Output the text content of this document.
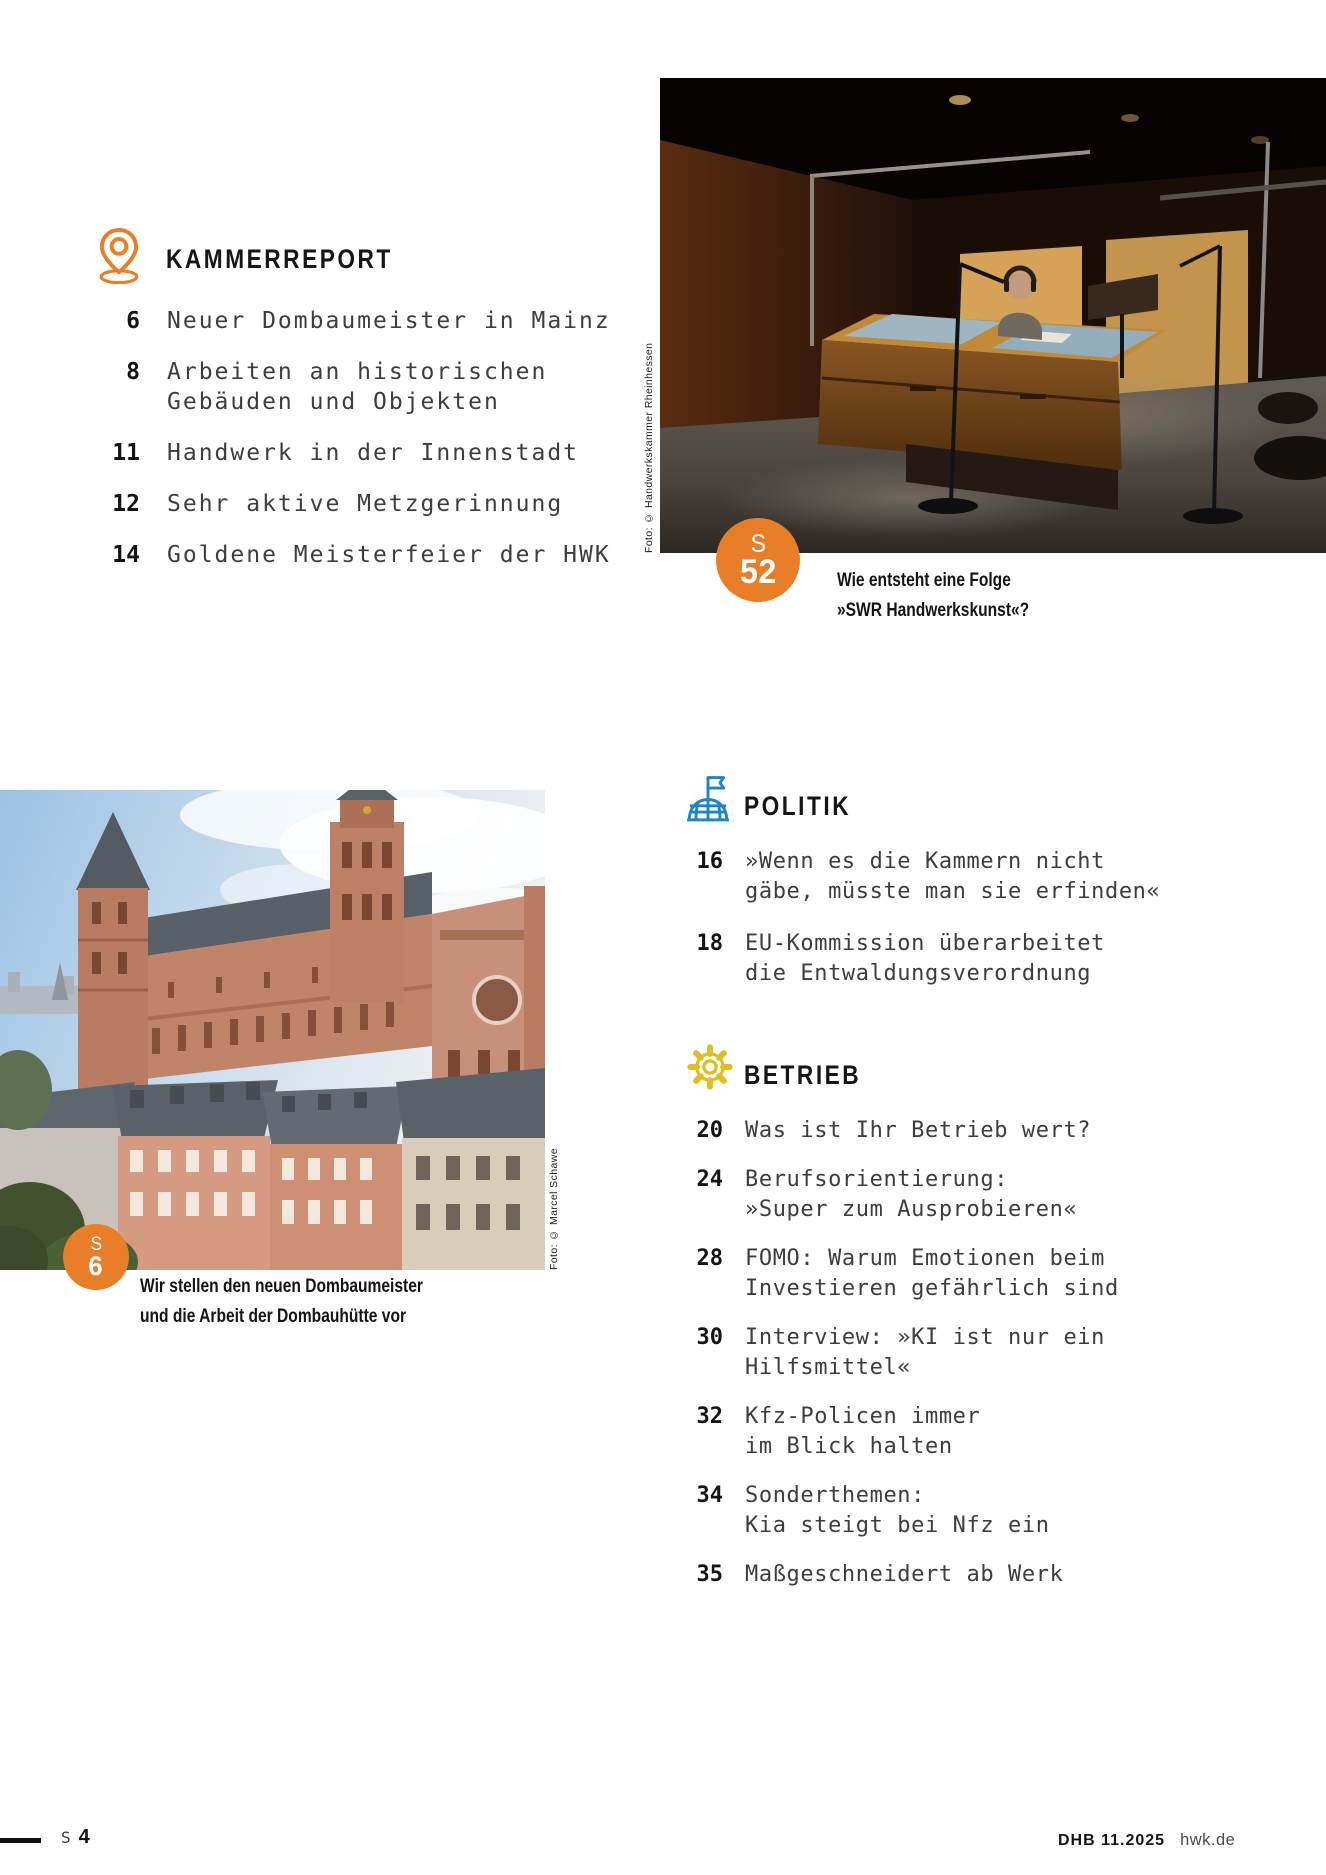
KAMMERREPORT
6 Neuer Dombaumeister in Mainz
8 Arbeiten an historischen
Gebäuden und Objekten
11 Handwerk in der Innenstadt
12 Sehr aktive Metzgerinnung
14 Goldene Meisterfeier der HWK
Foto: © Handwerkskammer Rheinhessen	S
52	Wie entsteht eine Folge
»SWR Handwerkskunst«?
POLITIK
16 »Wenn es die Kammern nicht
gäbe, müsste man sie erfinden«
18 EU-Kommission überarbeitet
die Entwaldungsverordnung
BETRIEB
20 Was ist Ihr Betrieb wert?
24 Berufsorientierung:
»Super zum Ausprobieren«
28 FOMO: Warum Emotionen beim
Investieren gefährlich sind
30 Interview: »KI ist nur ein
Hilfsmittel«
32 Kfz-Policen immer
im Blick halten
34 Sonderthemen:
Kia steigt bei Nfz ein
35 Maßgeschneidert ab Werk
Foto: © Marcel Schawe
S
6
Wir stellen den neuen Dombaumeister
und die Arbeit der Dombauhütte vor
S 4	DHB 11.2025 hwk.de
